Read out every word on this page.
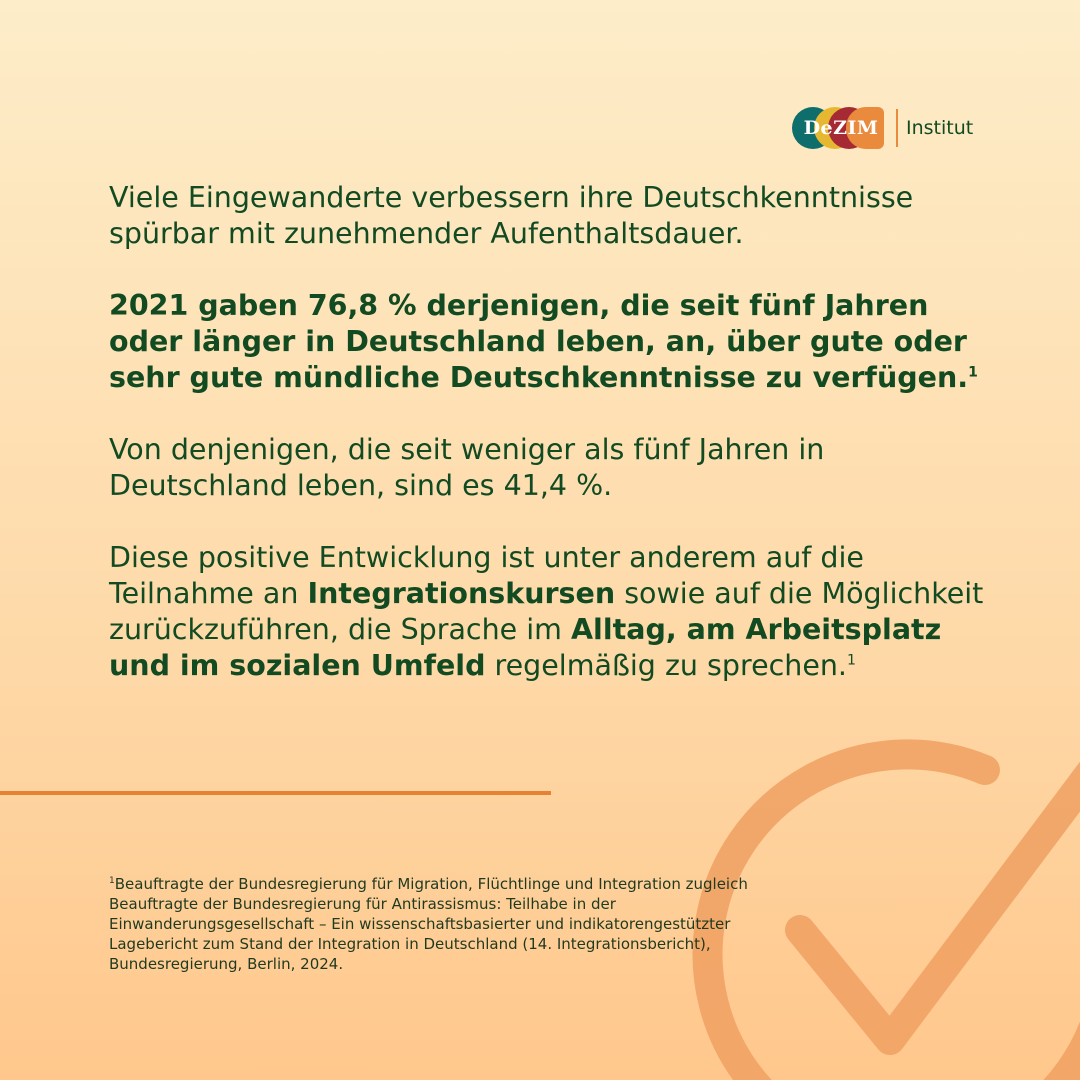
DeZIM	Institut

Viele Eingewanderte verbessern ihre Deutschkenntnisse spürbar mit zunehmender Aufenthaltsdauer.

2021 gaben 76,8 % derjenigen, die seit fünf Jahren oder länger in Deutschland leben, an, über gute oder sehr gute mündliche Deutschkenntnisse zu verfügen.$^1$

Von denjenigen, die seit weniger als fünf Jahren in Deutschland leben, sind es 41,4 %.

Diese positive Entwicklung ist unter anderem auf die Teilnahme an Integrationskursen sowie auf die Möglichkeit zurückzuführen, die Sprache im Alltag, am Arbeitsplatz und im sozialen Umfeld regelmäßig zu sprechen.$^1$

$^1$Beauftragte der Bundesregierung für Migration, Flüchtlinge und Integration zugleich Beauftragte der Bundesregierung für Antirassismus: Teilhabe in der Einwanderungsgesellschaft – Ein wissenschaftsbasierter und indikatorengestützter Lagebericht zum Stand der Integration in Deutschland (14. Integrationsbericht), Bundesregierung, Berlin, 2024.
